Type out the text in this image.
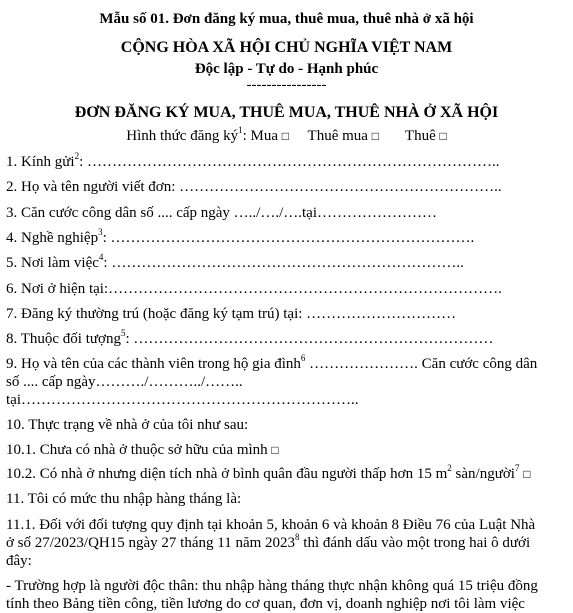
Mẫu số 01. Đơn đăng ký mua, thuê mua, thuê nhà ở xã hội
CỘNG HÒA XÃ HỘI CHỦ NGHĨA VIỆT NAM
Độc lập - Tự do - Hạnh phúc
----------------
ĐƠN ĐĂNG KÝ MUA, THUÊ MUA, THUÊ NHÀ Ở XÃ HỘI
Hình thức đăng $ký^1$: Mua □ Thuê mua □ Thuê □
1. Kính gửi$^2$: ………………………………………………………………………..
2. Họ và tên người viết đơn: ………………………………………………………..
3. Căn cước công dân số .... cấp ngày …../…./….tại……………………
4. Nghề nghiệp$^3$: ……………………………………………………………….
5. Nơi làm việc$^4$: ……………………………………………………………..
6. Nơi ở hiện tại:…………………………………………………………………….
7. Đăng ký thường trú (hoặc đăng ký tạm trú) tại: …………………………
8. Thuộc đối tượng$^5$: ………………………………………………………………
9. Họ và tên của các thành viên trong hộ gia đình$^6$ …………………. Căn cước công dân
số .... cấp ngày………./………../……..
tại…………………………………………………………..
10. Thực trạng về nhà ở của tôi như sau:
10.1. Chưa có nhà ở thuộc sở hữu của mình □
10.2. Có nhà ở nhưng diện tích nhà ở bình quân đầu người thấp hơn 15 $m^2$ sàn/người$^7$ □
11. Tôi có mức thu nhập hàng tháng là:
11.1. Đối với đối tượng quy định tại khoản 5, khoản 6 và khoản 8 Điều 76 của Luật Nhà
ở số 27/2023/QH15 ngày 27 tháng 11 năm 2023$^8$ thì đánh dấu vào một trong hai ô dưới
đây:
- Trường hợp là người độc thân: thu nhập hàng tháng thực nhận không quá 15 triệu đồng
tính theo Bảng tiền công, tiền lương do cơ quan, đơn vị, doanh nghiệp nơi tôi làm việc
